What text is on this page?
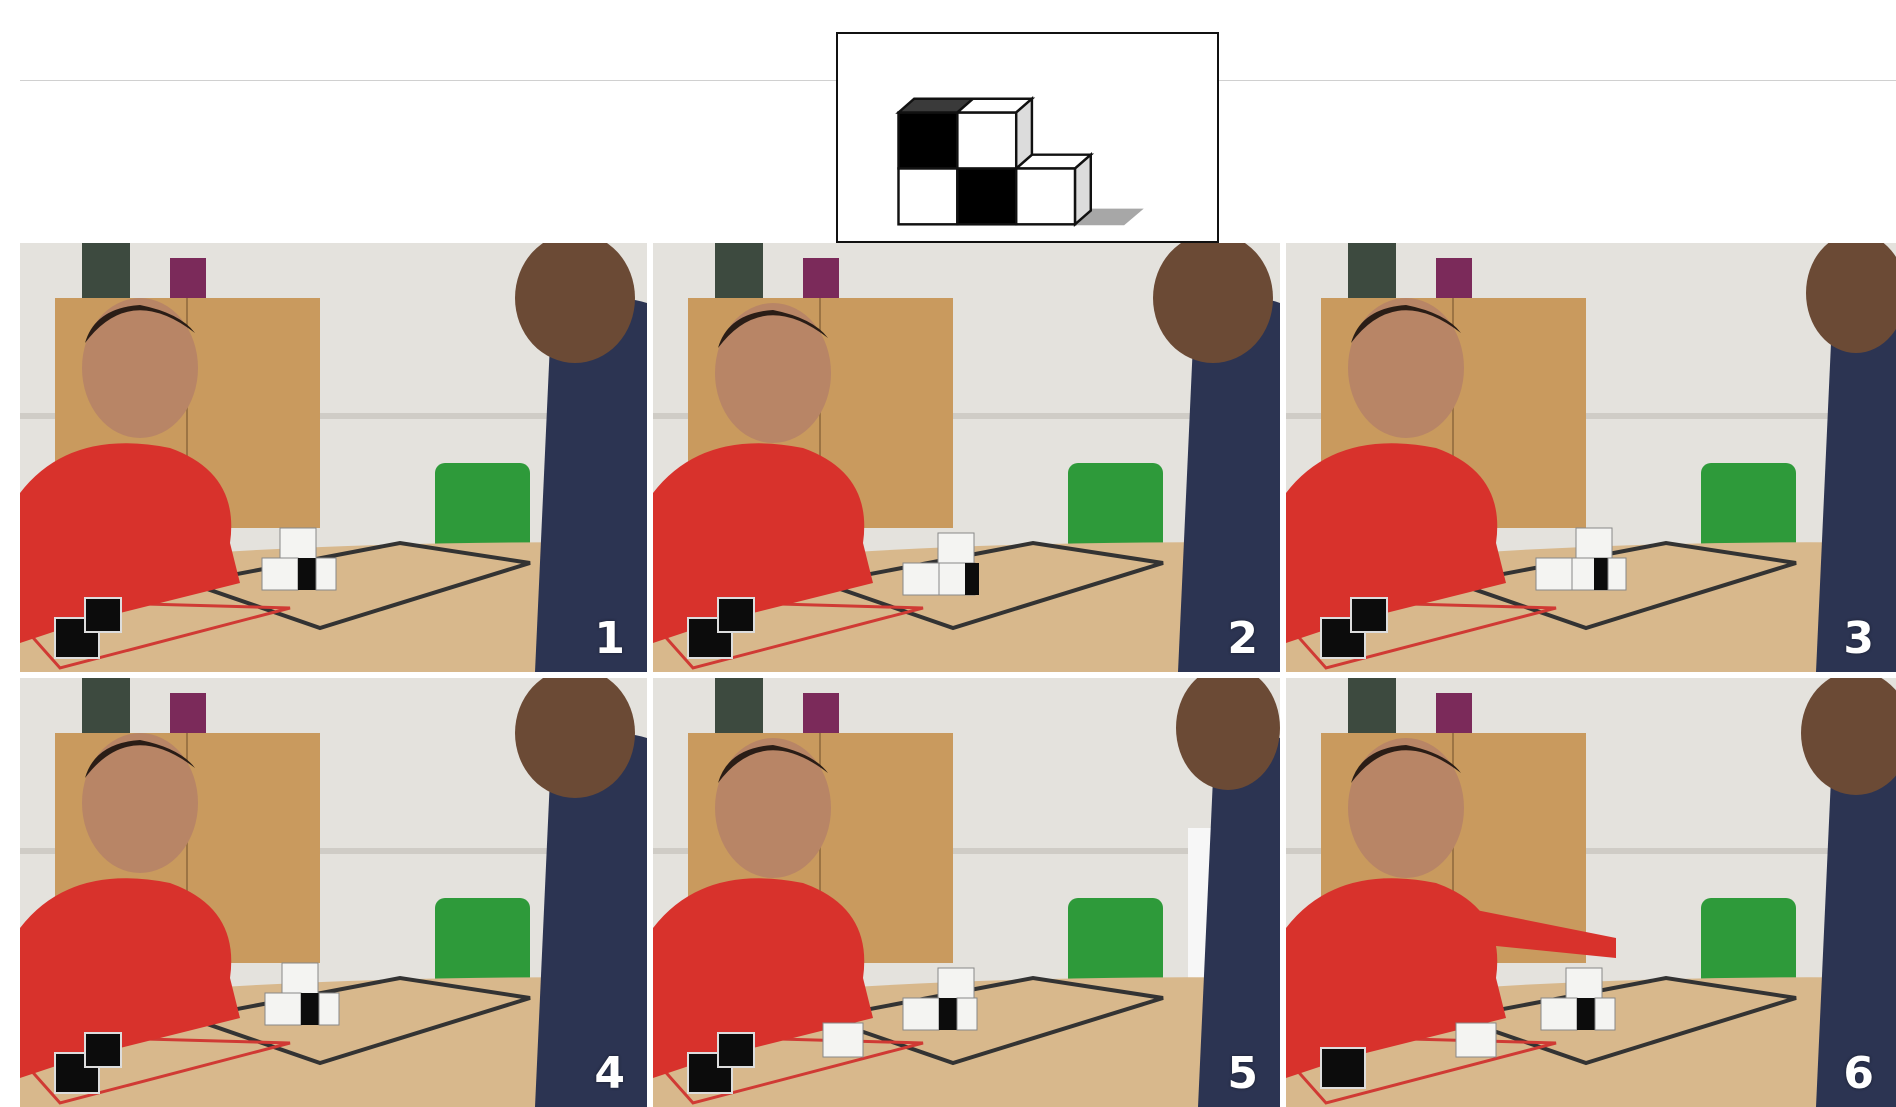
1	2	3
4	5	6
